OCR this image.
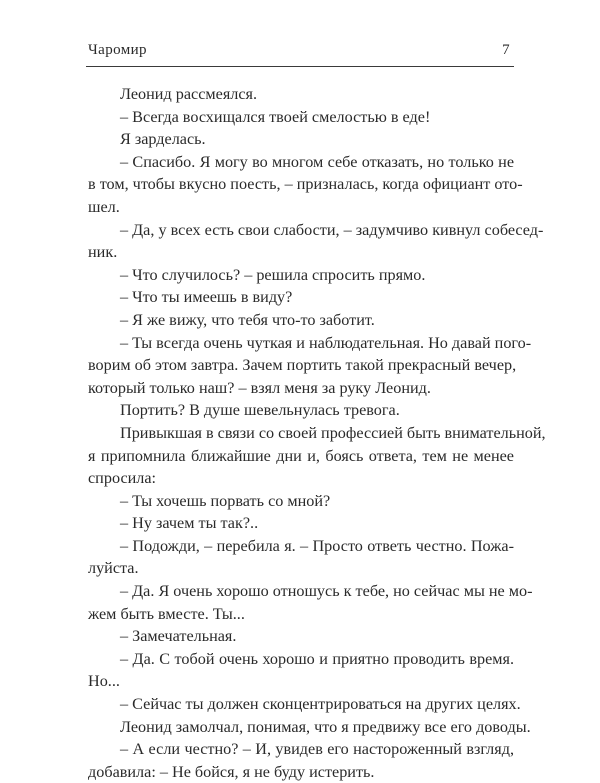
Чаромир	7
Леонид рассмеялся.
– Всегда восхищался твоей смелостью в еде!
Я зарделась.
– Спасибо. Я могу во многом себе отказать, но только не
в том, чтобы вкусно поесть, – призналась, когда официант ото-
шел.
– Да, у всех есть свои слабости, – задумчиво кивнул собесед-
ник.
– Что случилось? – решила спросить прямо.
– Что ты имеешь в виду?
– Я же вижу, что тебя что-то заботит.
– Ты всегда очень чуткая и наблюдательная. Но давай пого-
ворим об этом завтра. Зачем портить такой прекрасный вечер,
который только наш? – взял меня за руку Леонид.
Портить? В душе шевельнулась тревога.
Привыкшая в связи со своей профессией быть внимательной,
я припомнила ближайшие дни и, боясь ответа, тем не менее
спросила:
– Ты хочешь порвать со мной?
– Ну зачем ты так?..
– Подожди, – перебила я. – Просто ответь честно. Пожа-
луйста.
– Да. Я очень хорошо отношусь к тебе, но сейчас мы не мо-
жем быть вместе. Ты...
– Замечательная.
– Да. С тобой очень хорошо и приятно проводить время.
Но...
– Сейчас ты должен сконцентрироваться на других целях.
Леонид замолчал, понимая, что я предвижу все его доводы.
– А если честно? – И, увидев его настороженный взгляд,
добавила: – Не бойся, я не буду истерить.
